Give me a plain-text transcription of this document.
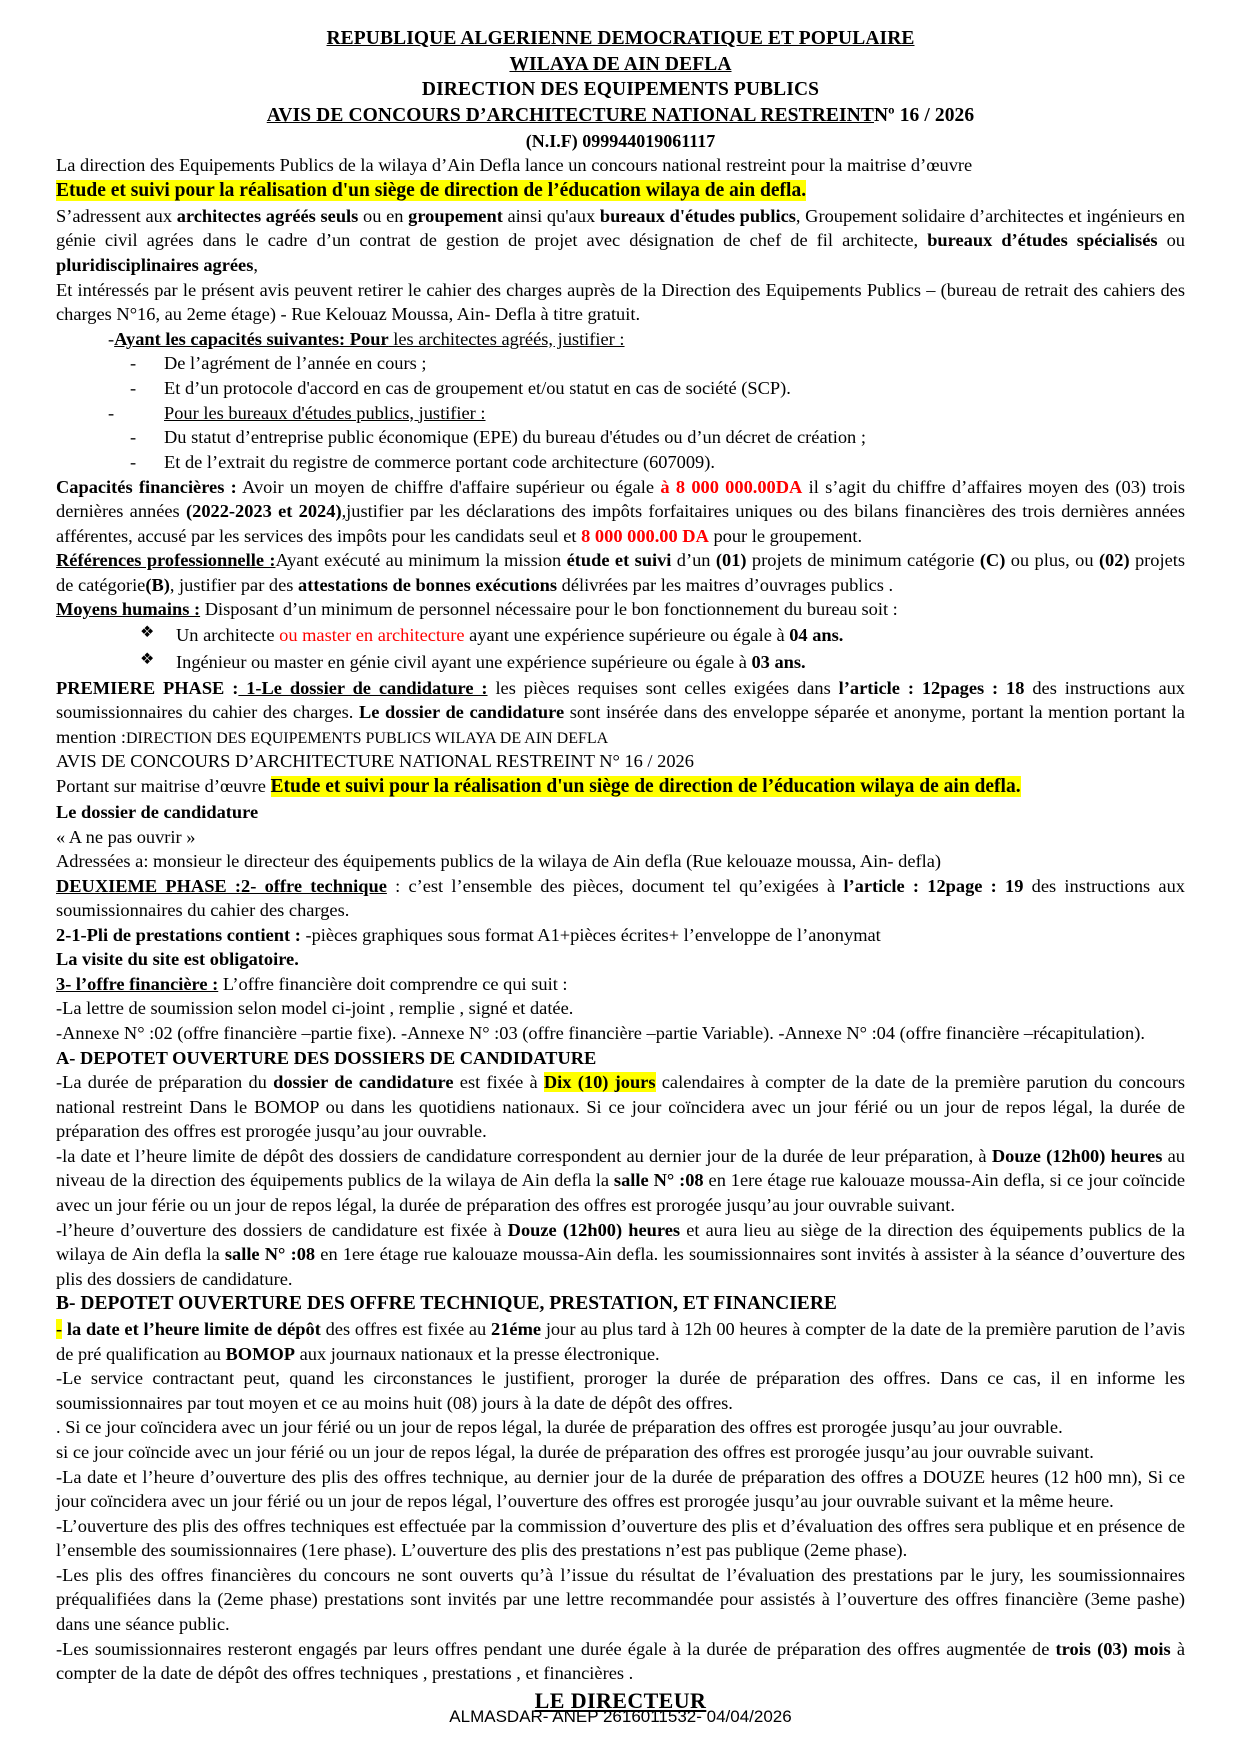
REPUBLIQUE ALGERIENNE DEMOCRATIQUE ET POPULAIRE
WILAYA DE AIN DEFLA
DIRECTION DES EQUIPEMENTS PUBLICS
AVIS DE CONCOURS D’ARCHITECTURE NATIONAL RESTREINTNº 16 / 2026
(N.I.F) 099944019061117

La direction des Equipements Publics de la wilaya d’Ain Defla lance un concours national restreint pour la maitrise d’œuvre

Etude et suivi pour la réalisation d'un siège de direction de l’éducation wilaya de ain defla.

S’adressent aux architectes agréés seuls ou en groupement ainsi qu'aux bureaux d'études publics, Groupement solidaire d’architectes et ingénieurs en génie civil agrées dans le cadre d’un contrat de gestion de projet avec désignation de chef de fil architecte, bureaux d’études spécialisés ou pluridisciplinaires agrées,

Et intéressés par le présent avis peuvent retirer le cahier des charges auprès de la Direction des Equipements Publics – (bureau de retrait des cahiers des charges N°16, au 2eme étage) - Rue Kelouaz Moussa, Ain- Defla à titre gratuit.

-Ayant les capacités suivantes: Pour les architectes agréés, justifier :
- De l’agrément de l’année en cours ;
- Et d’un protocole d'accord en cas de groupement et/ou statut en cas de société (SCP).
-	Pour les bureaux d'études publics, justifier :
- Du statut d’entreprise public économique (EPE) du bureau d'études ou d’un décret de création ;
- Et de l’extrait du registre de commerce portant code architecture (607009).

Capacités financières : Avoir un moyen de chiffre d'affaire supérieur ou égale à 8 000 000.00DA il s’agit du chiffre d’affaires moyen des (03) trois dernières années (2022-2023 et 2024),justifier par les déclarations des impôts forfaitaires uniques ou des bilans financières des trois dernières années afférentes, accusé par les services des impôts pour les candidats seul et 8 000 000.00 DA pour le groupement.

Références professionnelle :Ayant exécuté au minimum la mission étude et suivi d’un (01) projets de minimum catégorie (C) ou plus, ou (02) projets de catégorie(B), justifier par des attestations de bonnes exécutions délivrées par les maitres d’ouvrages publics .

Moyens humains : Disposant d’un minimum de personnel nécessaire pour le bon fonctionnement du bureau soit :

❖ Un architecte ou master en architecture ayant une expérience supérieure ou égale à 04 ans.
❖ Ingénieur ou master en génie civil ayant une expérience supérieure ou égale à 03 ans.

PREMIERE PHASE : 1-Le dossier de candidature : les pièces requises sont celles exigées dans l’article : 12pages : 18 des instructions aux soumissionnaires du cahier des charges. Le dossier de candidature sont insérée dans des enveloppe séparée et anonyme, portant la mention portant la mention :DIRECTION DES EQUIPEMENTS PUBLICS WILAYA DE AIN DEFLA

AVIS DE CONCOURS D’ARCHITECTURE NATIONAL RESTREINT N° 16 / 2026

Portant sur maitrise d’œuvre Etude et suivi pour la réalisation d'un siège de direction de l’éducation wilaya de ain defla.

Le dossier de candidature

« A ne pas ouvrir »

Adressées a: monsieur le directeur des équipements publics de la wilaya de Ain defla (Rue kelouaze moussa, Ain- defla)

DEUXIEME PHASE :2- offre technique : c’est l’ensemble des pièces, document tel qu’exigées à l’article : 12page : 19 des instructions aux soumissionnaires du cahier des charges.

2-1-Pli de prestations contient : -pièces graphiques sous format A1+pièces écrites+ l’enveloppe de l’anonymat

La visite du site est obligatoire.

3- l’offre financière : L’offre financière doit comprendre ce qui suit :

-La lettre de soumission selon model ci-joint , remplie , signé et datée.

-Annexe N° :02 (offre financière –partie fixe). -Annexe N° :03 (offre financière –partie Variable). -Annexe N° :04 (offre financière –récapitulation).

A- DEPOTET OUVERTURE DES DOSSIERS DE CANDIDATURE

-La durée de préparation du dossier de candidature est fixée à Dix (10) jours calendaires à compter de la date de la première parution du concours national restreint Dans le BOMOP ou dans les quotidiens nationaux. Si ce jour coïncidera avec un jour férié ou un jour de repos légal, la durée de préparation des offres est prorogée jusqu’au jour ouvrable.

-la date et l’heure limite de dépôt des dossiers de candidature correspondent au dernier jour de la durée de leur préparation, à Douze (12h00) heures au niveau de la direction des équipements publics de la wilaya de Ain defla la salle N° :08 en 1ere étage rue kalouaze moussa-Ain defla, si ce jour coïncide avec un jour férie ou un jour de repos légal, la durée de préparation des offres est prorogée jusqu’au jour ouvrable suivant.

-l’heure d’ouverture des dossiers de candidature est fixée à Douze (12h00) heures et aura lieu au siège de la direction des équipements publics de la wilaya de Ain defla la salle N° :08 en 1ere étage rue kalouaze moussa-Ain defla. les soumissionnaires sont invités à assister à la séance d’ouverture des plis des dossiers de candidature.

B- DEPOTET OUVERTURE DES OFFRE TECHNIQUE, PRESTATION, ET FINANCIERE

- la date et l’heure limite de dépôt des offres est fixée au 21éme jour au plus tard à 12h 00 heures à compter de la date de la première parution de l’avis de pré qualification au BOMOP aux journaux nationaux et la presse électronique.

-Le service contractant peut, quand les circonstances le justifient, proroger la durée de préparation des offres. Dans ce cas, il en informe les soumissionnaires par tout moyen et ce au moins huit (08) jours à la date de dépôt des offres.

. Si ce jour coïncidera avec un jour férié ou un jour de repos légal, la durée de préparation des offres est prorogée jusqu’au jour ouvrable.

si ce jour coïncide avec un jour férié ou un jour de repos légal, la durée de préparation des offres est prorogée jusqu’au jour ouvrable suivant.

-La date et l’heure d’ouverture des plis des offres technique, au dernier jour de la durée de préparation des offres a DOUZE heures (12 h00 mn), Si ce jour coïncidera avec un jour férié ou un jour de repos légal, l’ouverture des offres est prorogée jusqu’au jour ouvrable suivant et la même heure.

-L’ouverture des plis des offres techniques est effectuée par la commission d’ouverture des plis et d’évaluation des offres sera publique et en présence de l’ensemble des soumissionnaires (1ere phase). L’ouverture des plis des prestations n’est pas publique (2eme phase).

-Les plis des offres financières du concours ne sont ouverts qu’à l’issue du résultat de l’évaluation des prestations par le jury, les soumissionnaires préqualifiées dans la (2eme phase) prestations sont invités par une lettre recommandée pour assistés à l’ouverture des offres financière (3eme pashe) dans une séance public.

-Les soumissionnaires resteront engagés par leurs offres pendant une durée égale à la durée de préparation des offres augmentée de trois (03) mois à compter de la date de dépôt des offres techniques , prestations , et financières .

LE DIRECTEUR
ALMASDAR- ANEP 2616011532- 04/04/2026
